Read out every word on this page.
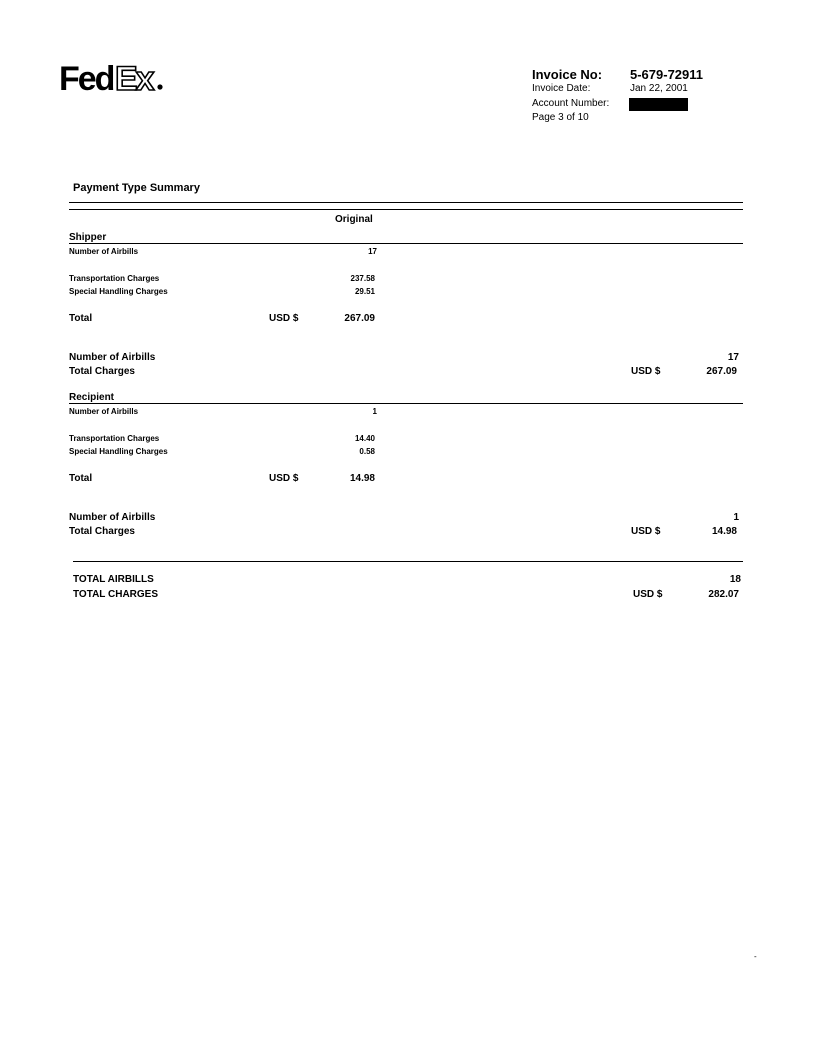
Fed Ex	Invoice No: 5-679-72911
Invoice Date:	Jan 22, 2001
Account Number:
Page 3 of 10
Payment Type Summary
Original
Shipper
Number of Airbills	17
Transportation Charges	237.58
Special Handling Charges	29.51
Total	USD $	267.09
Number of Airbills	17
Total Charges	USD $	267.09
Recipient
Number of Airbills	1
Transportation Charges	14.40
Special Handling Charges	0.58
Total	USD $	14.98
Number of Airbills	1
Total Charges	USD $	14.98
TOTAL AIRBILLS	18
TOTAL CHARGES	USD $	282.07
-
